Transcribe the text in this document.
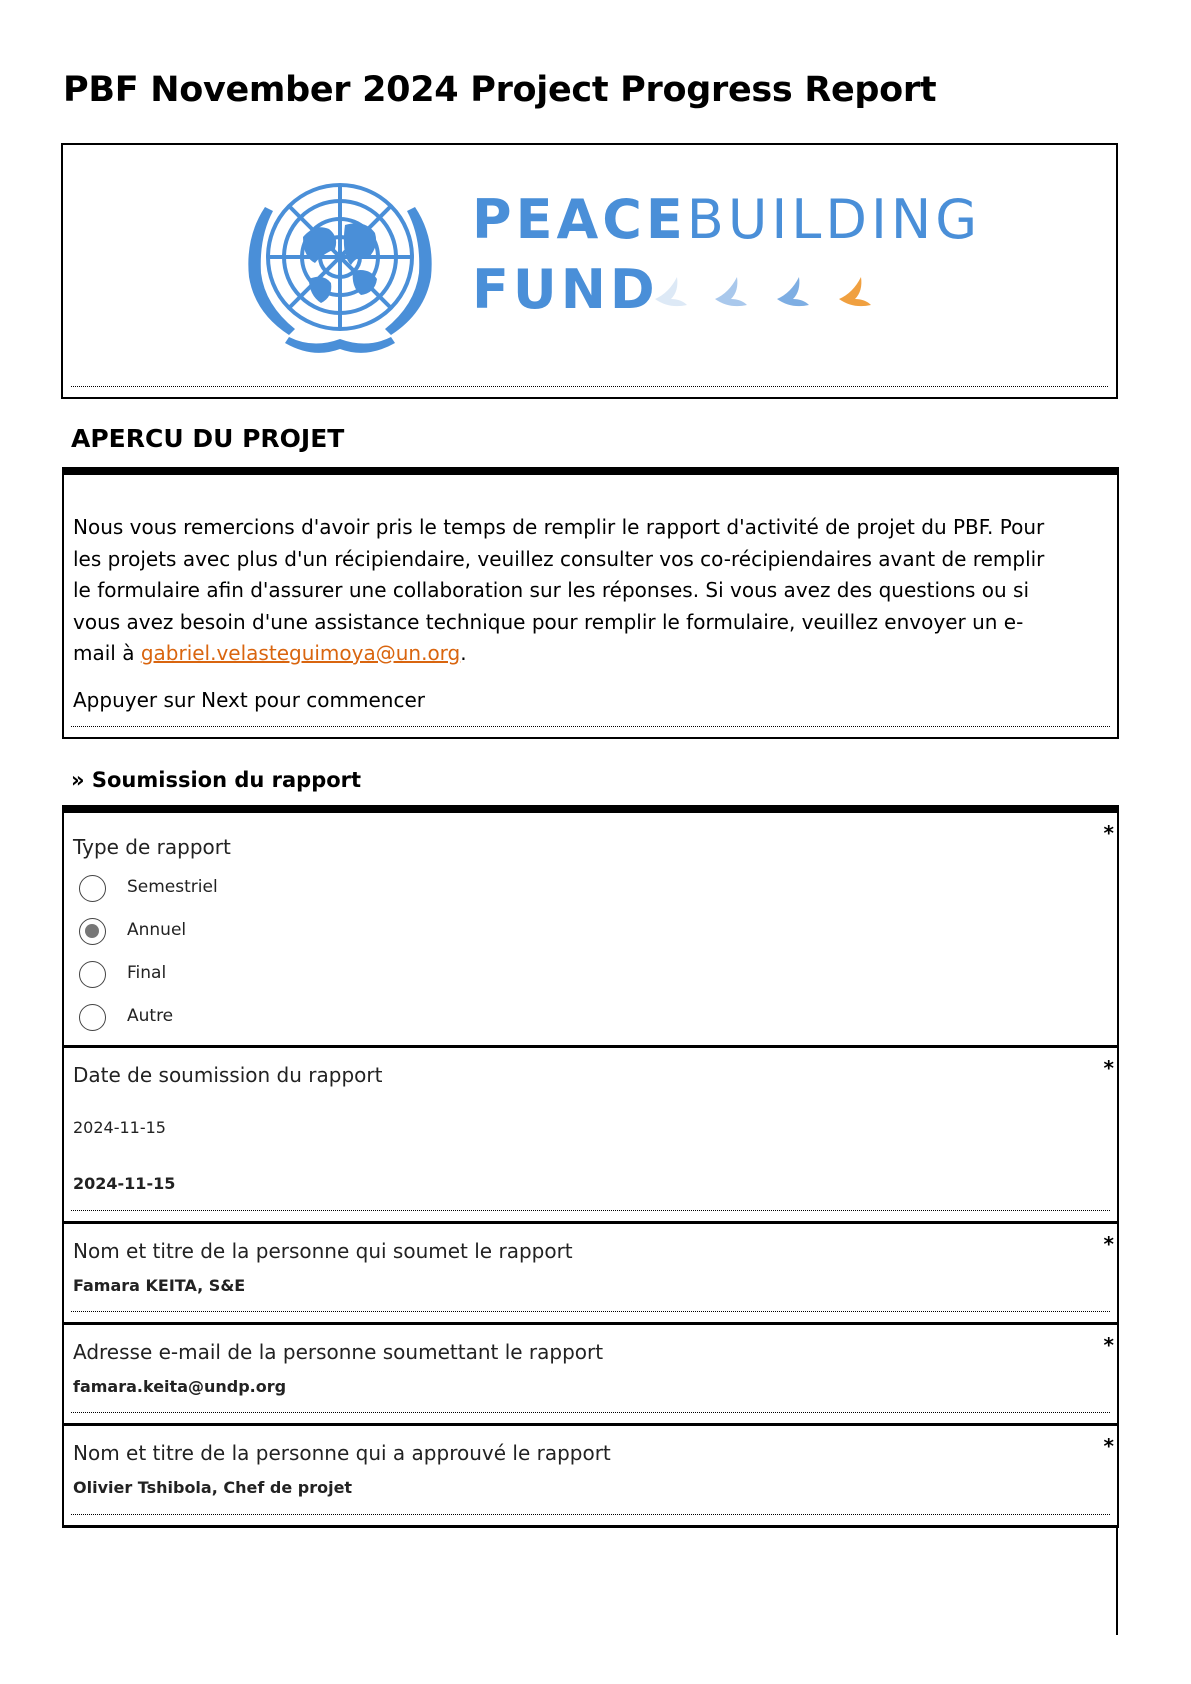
PBF November 2024 Project Progress Report
PEACEBUILDING
FUND
APERCU DU PROJET

Nous vous remercions d'avoir pris le temps de remplir le rapport d'activité de projet du PBF. Pour les projets avec plus d'un récipiendaire, veuillez consulter vos co-récipiendaires avant de remplir le formulaire afin d'assurer une collaboration sur les réponses. Si vous avez des questions ou si vous avez besoin d'une assistance technique pour remplir le formulaire, veuillez envoyer un e-mail à gabriel.velasteguimoya@un.org.

Appuyer sur Next pour commencer

» Soumission du rapport
Type de rapport
*
Semestriel
Annuel
Final
Autre
Date de soumission du rapport	*
2024-11-15
2024-11-15
Nom et titre de la personne qui soumet le rapport	*
Famara KEITA, S&E
Adresse e-mail de la personne soumettant le rapport	*
famara.keita@undp.org
Nom et titre de la personne qui a approuvé le rapport	*
Olivier Tshibola, Chef de projet
